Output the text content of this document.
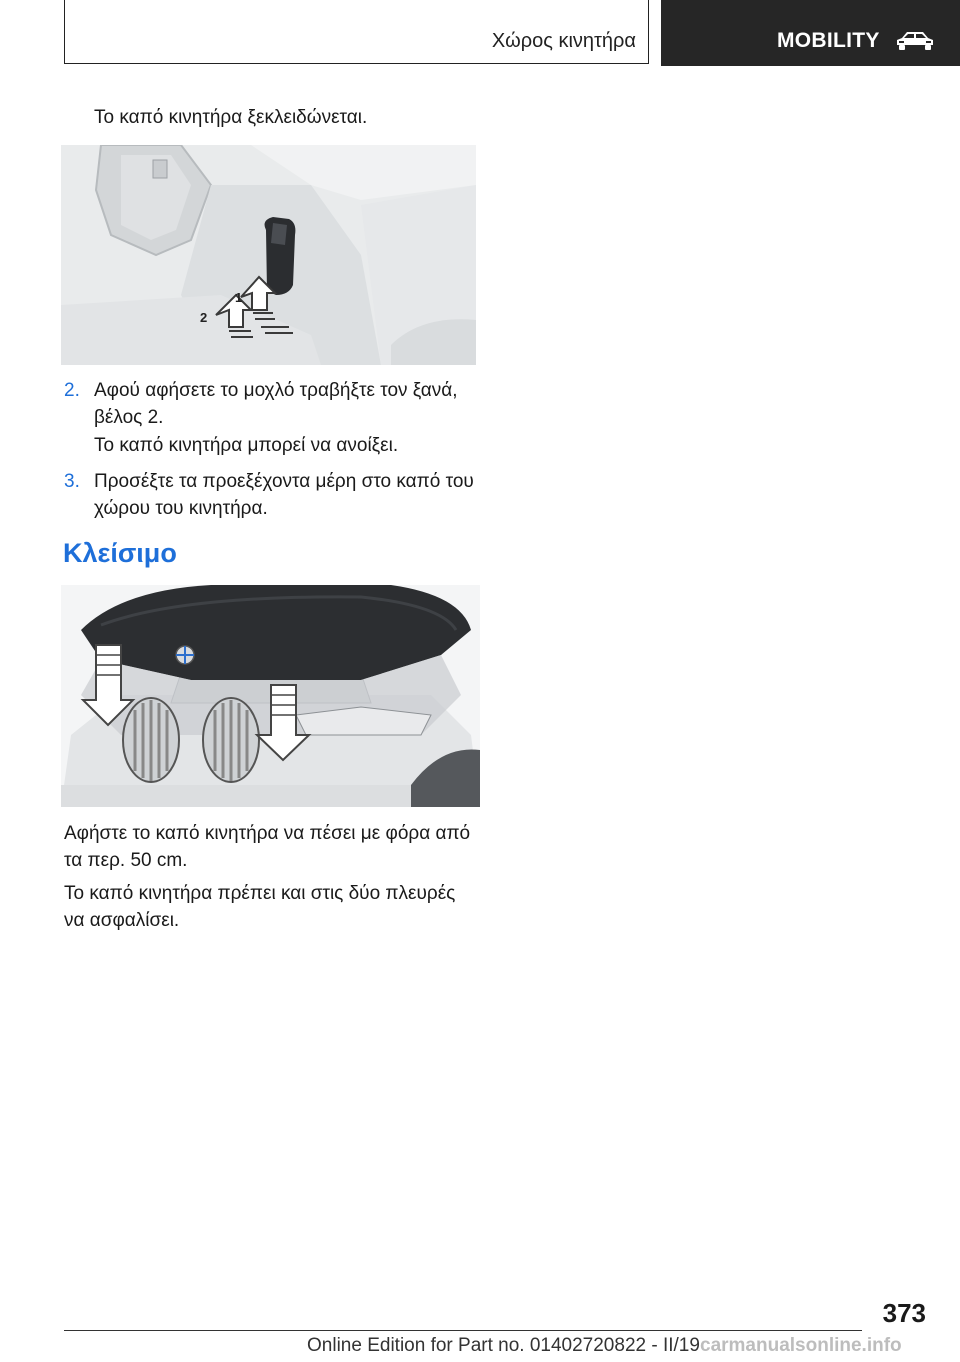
Χώρος κινητήρα	MOBILITY
Το καπό κινητήρα ξεκλειδώνεται.
2
1
2. Αφού αφήσετε το μοχλό τραβήξτε τον ξανά,
βέλος 2.
Το καπό κινητήρα μπορεί να ανοίξει.
3. Προσέξτε τα προεξέχοντα μέρη στο καπό του
χώρου του κινητήρα.
Κλείσιμο
Αφήστε το καπό κινητήρα να πέσει με φόρα από
τα περ. 50 cm.
Το καπό κινητήρα πρέπει και στις δύο πλευρές
να ασφαλίσει.
373
Online Edition for Part no. 01402720822 - II/19 carmanualsonline.info
